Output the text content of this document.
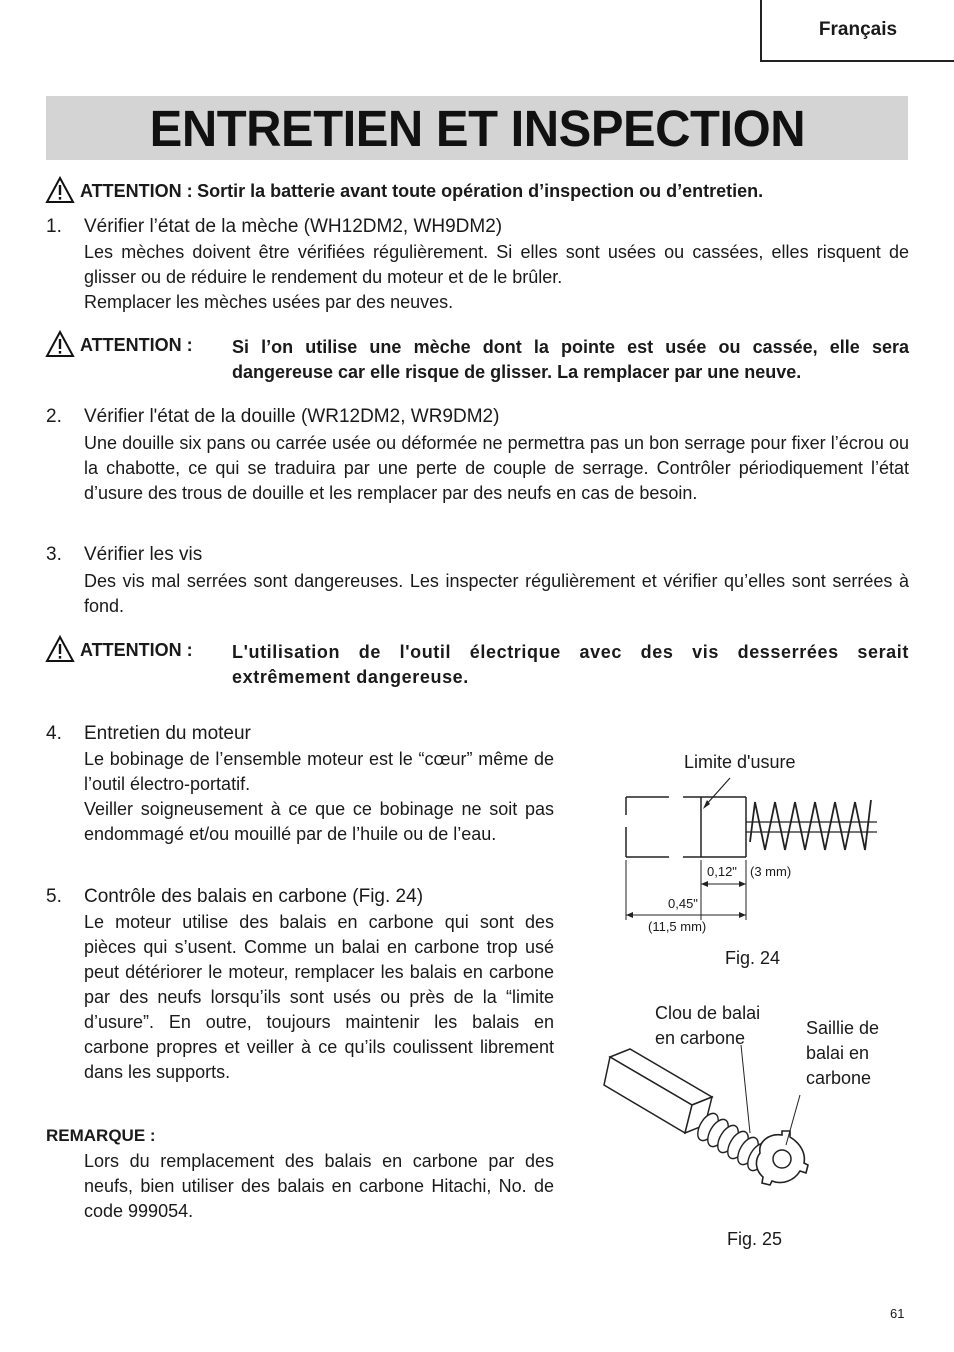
Français
ENTRETIEN ET INSPECTION
ATTENTION : Sortir la batterie avant toute opération d’inspection ou d’entretien.
1. Vérifier l’état de la mèche (WH12DM2, WH9DM2)

Les mèches doivent être vérifiées régulièrement. Si elles sont usées ou cassées, elles risquent de glisser ou de réduire le rendement du moteur et de le brûler.

Remplacer les mèches usées par des neuves.

ATTENTION : Si l’on utilise une mèche dont la pointe est usée ou cassée, elle sera dangereuse car elle risque de glisser. La remplacer par une neuve.
2. Vérifier l'état de la douille (WR12DM2, WR9DM2)

Une douille six pans ou carrée usée ou déformée ne permettra pas un bon serrage pour fixer l’écrou ou la chabotte, ce qui se traduira par une perte de couple de serrage. Contrôler périodiquement l’état d’usure des trous de douille et les remplacer par des neufs en cas de besoin.

3. Vérifier les vis

Des vis mal serrées sont dangereuses. Les inspecter régulièrement et vérifier qu’elles sont serrées à fond.

ATTENTION : L'utilisation de l'outil électrique avec des vis desserrées serait extrêmement dangereuse.
4. Entretien du moteur

Le bobinage de l’ensemble moteur est le “cœur” même de l’outil électro-portatif.

Veiller soigneusement à ce que ce bobinage ne soit pas endommagé et/ou mouillé par de l’huile ou de l’eau.

5. Contrôle des balais en carbone (Fig. 24)

Le moteur utilise des balais en carbone qui sont des pièces qui s’usent. Comme un balai en carbone trop usé peut détériorer le moteur, remplacer les balais en carbone par des neufs lorsqu’ils sont usés ou près de la “limite d’usure”. En outre, toujours maintenir les balais en carbone propres et veiller à ce qu’ils coulissent librement dans les supports.

REMARQUE :
Lors du remplacement des balais en carbone par des neufs, bien utiliser des balais en carbone Hitachi, No. de code 999054.
Limite d'usure
0,12" (3 mm)
0,45"
(11,5 mm)
Fig. 24
Clou de balai
en carbone	Saillie de
balai en
carbone
Fig. 25
61
